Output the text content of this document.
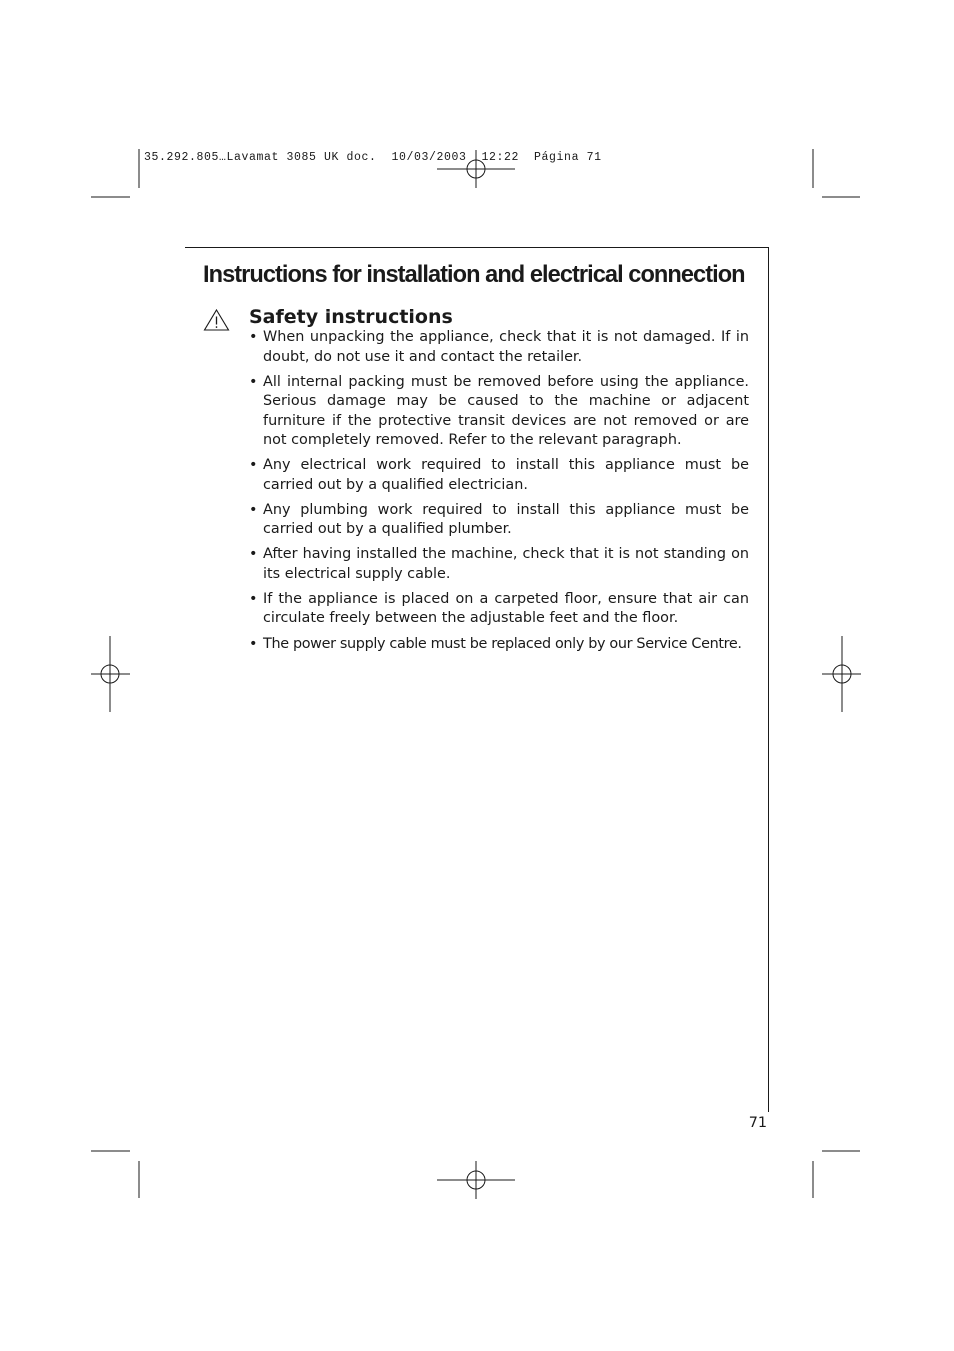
35.292.805…Lavamat 3085 UK doc.  10/03/2003  12:22  Página 71
Instructions for installation and electrical connection
Safety instructions
• When unpacking the appliance, check that it is not damaged. If in doubt, do not use it and contact the retailer.
• All internal packing must be removed before using the appliance. Serious damage may be caused to the machine or adjacent furniture if the protective transit devices are not removed or are not completely removed. Refer to the relevant paragraph.
• Any electrical work required to install this appliance must be carried out by a qualified electrician.
• Any plumbing work required to install this appliance must be carried out by a qualified plumber.
• After having installed the machine, check that it is not standing on its electrical supply cable.
• If the appliance is placed on a carpeted floor, ensure that air can circulate freely between the adjustable feet and the floor.
• The power supply cable must be replaced only by our Service Centre.
71
